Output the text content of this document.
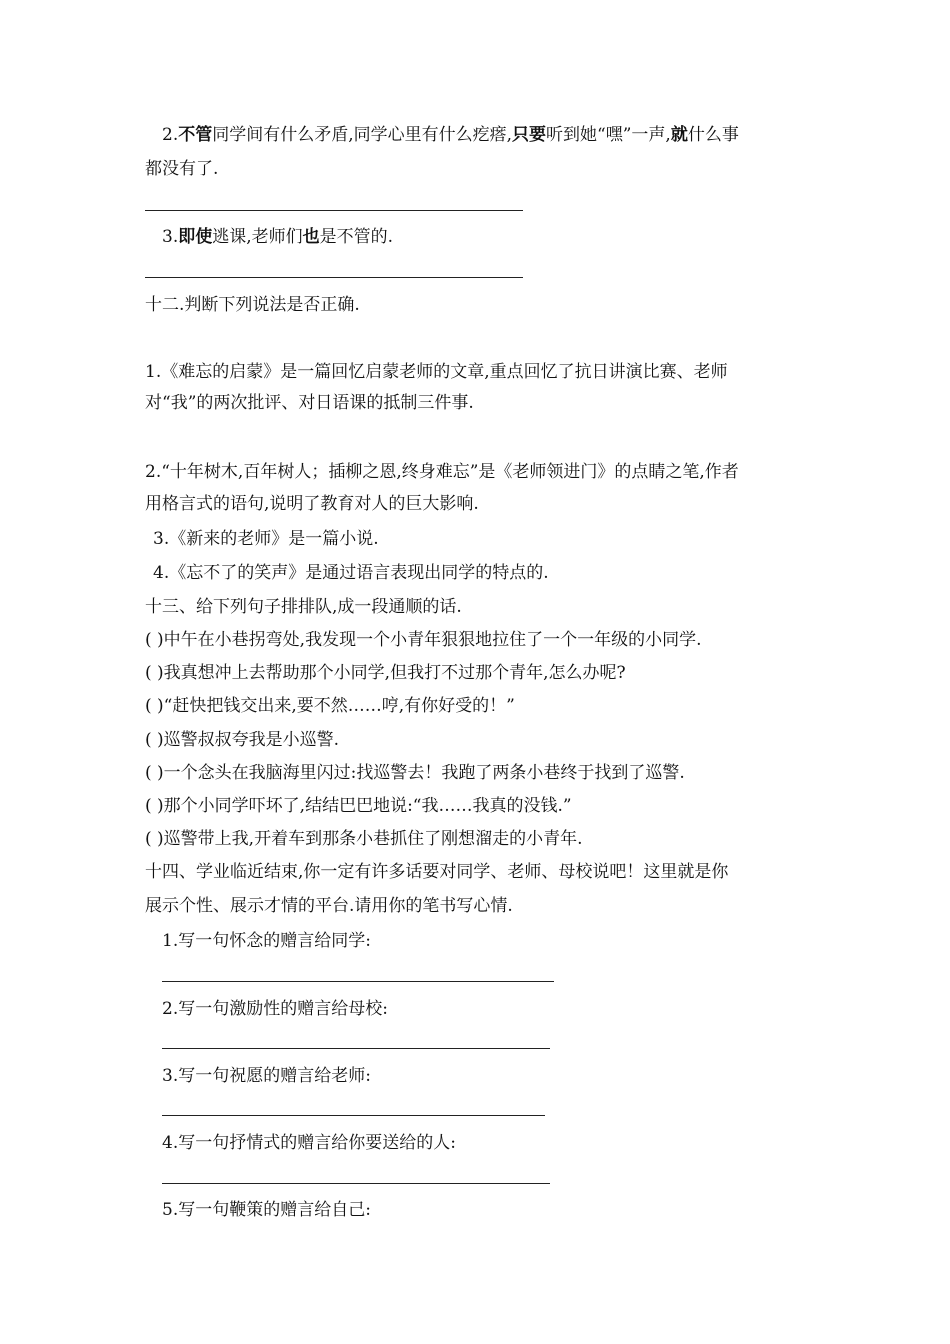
2.不管同学间有什么矛盾,同学心里有什么疙瘩,只要听到她“嘿”一声,就什么事
都没有了.
3.即使逃课,老师们也是不管的.
十二.判断下列说法是否正确.
1.《难忘的启蒙》是一篇回忆启蒙老师的文章,重点回忆了抗日讲演比赛、老师
对“我”的两次批评、对日语课的抵制三件事.
2.“十年树木,百年树人；插柳之恩,终身难忘”是《老师领进门》的点睛之笔,作者
用格言式的语句,说明了教育对人的巨大影响.
3.《新来的老师》是一篇小说.
4.《忘不了的笑声》是通过语言表现出同学的特点的.
十三、给下列句子排排队,成一段通顺的话.
( )中午在小巷拐弯处,我发现一个小青年狠狠地拉住了一个一年级的小同学.
( )我真想冲上去帮助那个小同学,但我打不过那个青年,怎么办呢?
( )“赶快把钱交出来,要不然……哼,有你好受的！”
( )巡警叔叔夸我是小巡警.
( )一个念头在我脑海里闪过:找巡警去！我跑了两条小巷终于找到了巡警.
( )那个小同学吓坏了,结结巴巴地说:“我……我真的没钱.”
( )巡警带上我,开着车到那条小巷抓住了刚想溜走的小青年.
十四、学业临近结束,你一定有许多话要对同学、老师、母校说吧！这里就是你
展示个性、展示才情的平台.请用你的笔书写心情.
1.写一句怀念的赠言给同学:
2.写一句激励性的赠言给母校:
3.写一句祝愿的赠言给老师:
4.写一句抒情式的赠言给你要送给的人:
5.写一句鞭策的赠言给自己:
